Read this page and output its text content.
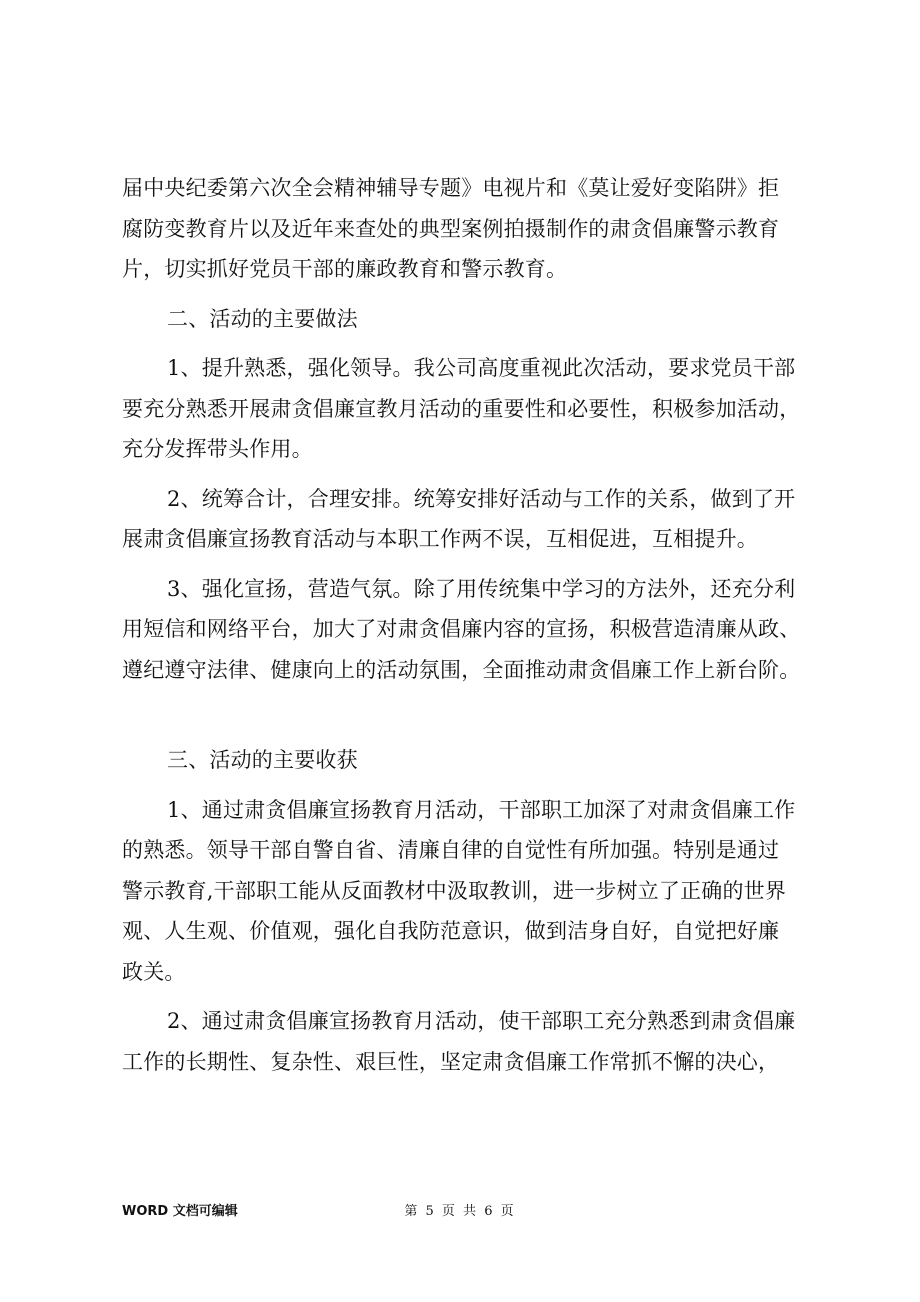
届中央纪委第六次全会精神辅导专题》电视片和《莫让爱好变陷阱》拒
腐防变教育片以及近年来查处的典型案例拍摄制作的肃贪倡廉警示教育
片，切实抓好党员干部的廉政教育和警示教育。
二、活动的主要做法
1、提升熟悉，强化领导。我公司高度重视此次活动，要求党员干部
要充分熟悉开展肃贪倡廉宣教月活动的重要性和必要性，积极参加活动，
充分发挥带头作用。
2、统筹合计，合理安排。统筹安排好活动与工作的关系，做到了开
展肃贪倡廉宣扬教育活动与本职工作两不误，互相促进，互相提升。
3、强化宣扬，营造气氛。除了用传统集中学习的方法外，还充分利
用短信和网络平台，加大了对肃贪倡廉内容的宣扬，积极营造清廉从政、
遵纪遵守法律、健康向上的活动氛围，全面推动肃贪倡廉工作上新台阶。
三、活动的主要收获
1、通过肃贪倡廉宣扬教育月活动，干部职工加深了对肃贪倡廉工作
的熟悉。领导干部自警自省、清廉自律的自觉性有所加强。特别是通过
警示教育,干部职工能从反面教材中汲取教训，进一步树立了正确的世界
观、人生观、价值观，强化自我防范意识，做到洁身自好，自觉把好廉
政关。
2、通过肃贪倡廉宣扬教育月活动，使干部职工充分熟悉到肃贪倡廉
工作的长期性、复杂性、艰巨性，坚定肃贪倡廉工作常抓不懈的决心，
WORD 文档可编辑	第 5 页 共 6 页
